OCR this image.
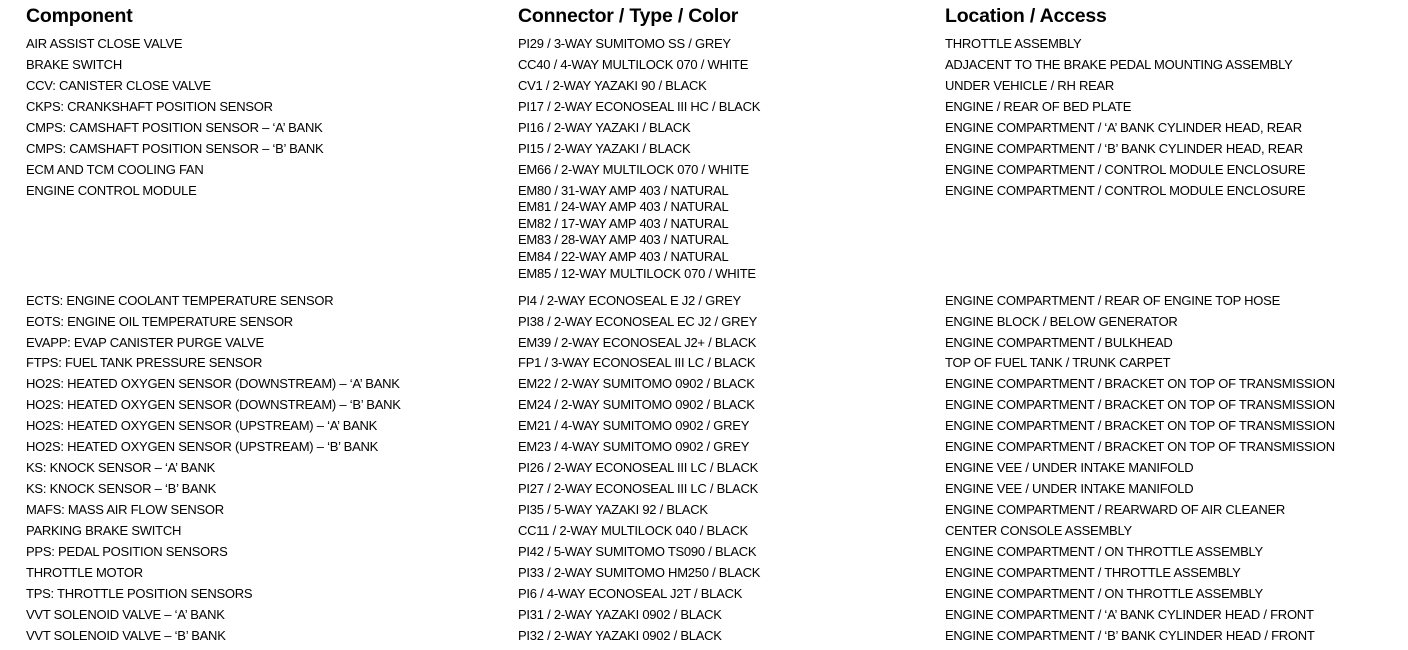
Component
AIR ASSIST CLOSE VALVE
BRAKE SWITCH
CCV: CANISTER CLOSE VALVE
CKPS: CRANKSHAFT POSITION SENSOR
CMPS: CAMSHAFT POSITION SENSOR – ‘A’ BANK
CMPS: CAMSHAFT POSITION SENSOR – ‘B’ BANK
ECM AND TCM COOLING FAN
ENGINE CONTROL MODULE
ECTS: ENGINE COOLANT TEMPERATURE SENSOR
EOTS: ENGINE OIL TEMPERATURE SENSOR
EVAPP: EVAP CANISTER PURGE VALVE
FTPS: FUEL TANK PRESSURE SENSOR
HO2S: HEATED OXYGEN SENSOR (DOWNSTREAM) – ‘A’ BANK
HO2S: HEATED OXYGEN SENSOR (DOWNSTREAM) – ‘B’ BANK
HO2S: HEATED OXYGEN SENSOR (UPSTREAM) – ‘A’ BANK
HO2S: HEATED OXYGEN SENSOR (UPSTREAM) – ‘B’ BANK
KS: KNOCK SENSOR – ‘A’ BANK
KS: KNOCK SENSOR – ‘B’ BANK
MAFS: MASS AIR FLOW SENSOR
PARKING BRAKE SWITCH
PPS: PEDAL POSITION SENSORS
THROTTLE MOTOR
TPS: THROTTLE POSITION SENSORS
VVT SOLENOID VALVE – ‘A’ BANK
VVT SOLENOID VALVE – ‘B’ BANK
Connector / Type / Color
PI29 / 3-WAY SUMITOMO SS / GREY
CC40 / 4-WAY MULTILOCK 070 / WHITE
CV1 / 2-WAY YAZAKI 90 / BLACK
PI17 / 2-WAY ECONOSEAL III HC / BLACK
PI16 / 2-WAY YAZAKI / BLACK
PI15 / 2-WAY YAZAKI / BLACK
EM66 / 2-WAY MULTILOCK 070 / WHITE
EM80 / 31-WAY AMP 403 / NATURAL
EM81 / 24-WAY AMP 403 / NATURAL
EM82 / 17-WAY AMP 403 / NATURAL
EM83 / 28-WAY AMP 403 / NATURAL
EM84 / 22-WAY AMP 403 / NATURAL
EM85 / 12-WAY MULTILOCK 070 / WHITE
PI4 / 2-WAY ECONOSEAL E J2 / GREY
PI38 / 2-WAY ECONOSEAL EC J2 / GREY
EM39 / 2-WAY ECONOSEAL J2+ / BLACK
FP1 / 3-WAY ECONOSEAL III LC / BLACK
EM22 / 2-WAY SUMITOMO 0902 / BLACK
EM24 / 2-WAY SUMITOMO 0902 / BLACK
EM21 / 4-WAY SUMITOMO 0902 / GREY
EM23 / 4-WAY SUMITOMO 0902 / GREY
PI26 / 2-WAY ECONOSEAL III LC / BLACK
PI27 / 2-WAY ECONOSEAL III LC / BLACK
PI35 / 5-WAY YAZAKI 92 / BLACK
CC11 / 2-WAY MULTILOCK 040 / BLACK
PI42 / 5-WAY SUMITOMO TS090 / BLACK
PI33 / 2-WAY SUMITOMO HM250 / BLACK
PI6 / 4-WAY ECONOSEAL J2T / BLACK
PI31 / 2-WAY YAZAKI 0902 / BLACK
PI32 / 2-WAY YAZAKI 0902 / BLACK
Location / Access
THROTTLE ASSEMBLY
ADJACENT TO THE BRAKE PEDAL MOUNTING ASSEMBLY
UNDER VEHICLE / RH REAR
ENGINE / REAR OF BED PLATE
ENGINE COMPARTMENT / ‘A’ BANK CYLINDER HEAD, REAR
ENGINE COMPARTMENT / ‘B’ BANK CYLINDER HEAD, REAR
ENGINE COMPARTMENT / CONTROL MODULE ENCLOSURE
ENGINE COMPARTMENT / CONTROL MODULE ENCLOSURE
ENGINE COMPARTMENT / REAR OF ENGINE TOP HOSE
ENGINE BLOCK / BELOW GENERATOR
ENGINE COMPARTMENT / BULKHEAD
TOP OF FUEL TANK / TRUNK CARPET
ENGINE COMPARTMENT / BRACKET ON TOP OF TRANSMISSION
ENGINE COMPARTMENT / BRACKET ON TOP OF TRANSMISSION
ENGINE COMPARTMENT / BRACKET ON TOP OF TRANSMISSION
ENGINE COMPARTMENT / BRACKET ON TOP OF TRANSMISSION
ENGINE VEE / UNDER INTAKE MANIFOLD
ENGINE VEE / UNDER INTAKE MANIFOLD
ENGINE COMPARTMENT / REARWARD OF AIR CLEANER
CENTER CONSOLE ASSEMBLY
ENGINE COMPARTMENT / ON THROTTLE ASSEMBLY
ENGINE COMPARTMENT / THROTTLE ASSEMBLY
ENGINE COMPARTMENT / ON THROTTLE ASSEMBLY
ENGINE COMPARTMENT / ‘A’ BANK CYLINDER HEAD / FRONT
ENGINE COMPARTMENT / ‘B’ BANK CYLINDER HEAD / FRONT
